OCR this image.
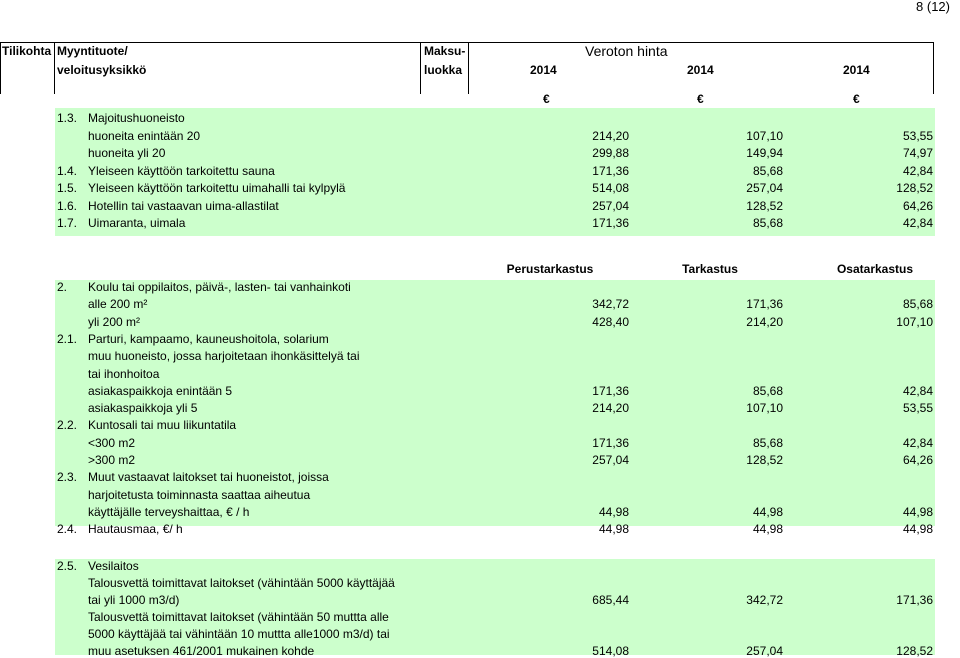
8 (12)
Tilikohta Myyntituote/
veloitusyksikkö
Maksu-
luokka
Veroton hinta
2014	2014	2014
€	€	€
Perustarkastus	Tarkastus	Osatarkastus
1.3. Majoitushuoneisto
huoneita enintään 20	214,20	107,10	53,55
huoneita yli 20	299,88	149,94	74,97
1.4. Yleiseen käyttöön tarkoitettu sauna	171,36	85,68	42,84
1.5. Yleiseen käyttöön tarkoitettu uimahalli tai kylpylä	514,08	257,04	128,52
1.6. Hotellin tai vastaavan uima-allastilat	257,04	128,52	64,26
1.7. Uimaranta, uimala	171,36	85,68	42,84
2. Koulu tai oppilaitos, päivä-, lasten- tai vanhainkoti
alle 200 m²	342,72	171,36	85,68
yli 200 m²	428,40	214,20	107,10
2.1. Parturi, kampaamo, kauneushoitola, solarium
muu huoneisto, jossa harjoitetaan ihonkäsittelyä tai
tai ihonhoitoa
asiakaspaikkoja enintään 5	171,36	85,68	42,84
asiakaspaikkoja yli 5	214,20	107,10	53,55
2.2. Kuntosali tai muu liikuntatila
<300 m2	171,36	85,68	42,84
>300 m2	257,04	128,52	64,26
2.3. Muut vastaavat laitokset tai huoneistot, joissa
harjoitetusta toiminnasta saattaa aiheutua
käyttäjälle terveyshaittaa, € / h	44,98	44,98	44,98
2.4. Hautausmaa, €/ h	44,98	44,98	44,98
2.5. Vesilaitos
Talousvettä toimittavat laitokset (vähintään 5000 käyttäjää
tai yli 1000 m3/d)	685,44	342,72	171,36
Talousvettä toimittavat laitokset (vähintään 50 muttta alle
5000 käyttäjää tai vähintään 10 muttta alle1000 m3/d) tai
muu asetuksen 461/2001 mukainen kohde	514,08	257,04	128,52
